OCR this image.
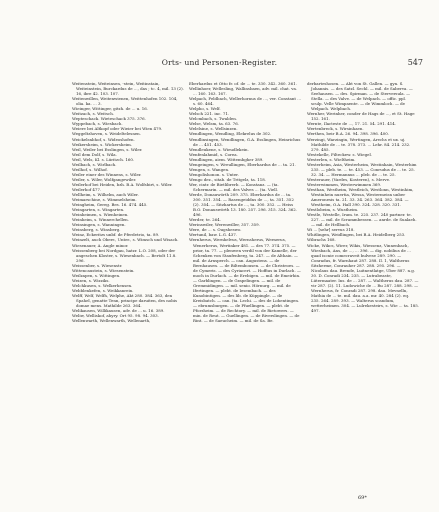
Orts- und Personen-Register.	547

Weitenstein, Weiteinsen, -stein, Weitinstain, Weiteinstein, Burckardus de ..., das ; tc. 4, mil. 13 (2). 16, ibre 42. 103. 107.

Weitenwillen, Weitenwienen, Weittenhofen 102. 104, olia. ka. ... 3.

Wieinger, Wittinger, gitzh. de ... u. 16.

Weitzach, s. Weitsch.

Wepteschack. Wieteschack 375. 376.

Wyppebach, s. Wiesbach.

Weiere bei Altkopf oder Wieier bei Wien 479.

Weggeltzhoven, s. Weideltelesnen.

Weickelsnbhof, s. Wideoshofen.

Weikersheim, s. Wickersheim.

Weil, Weiler bei Esslingen, s. Wiler.

Weil dem Dolf, s. Wila.

Weil, Wels, Kl. s. Lüritzch. 160.

Weilbach, s. Wirlbach.

Weilhof, s. Wilhof.

Weiler einer des Winnens, s. Wiler.

Weiler, s. Wiler, Wolfgangewiler.

Weilerhof bei Heiden, bzh. B.A. Wolfsbirt, s. Wiler.

Weilerhof 477.

Wellheim, s. Wilhelm, auch Wiler.

Weimarschine, s. Wimmelsheim.

Weingheim, Gereg. Bes. 16. 474. 445.

Weingarten, s. Wingarten.

Weinheimen, s. Wienheinen.

Weinheim, s. Winnerchellen.

Weinsingen, s. Wanningen.

Weinsberg, s. Winsberg.

Weinz, Eckeritzs unbf. de Pferdetrio, ta. 89.

Weinzelt, auch Oberr., Unter., s. Wimsch und Wisach.

Wiesenauer, A. Angle minor.

Weissenberg bei Nordgau, hatzr. L.O. 208, oder der angeschen Kloster, s. Wiesenbach. — Bertolt 11.8. 296.

Weissenber, s. Wiesenstr.

Wittencaustein, s. Wiesenstein.

Weilzapen, s. Wittingen.

Weizen, s. Wizziks.

Welchkusen, s. Welkerhensen.

Webblenkefen, s. Weikkanrein.

Welff, Welf, Welfh, Welphe, Akt 280. 384. 363, den Spahel, genatte Tenn, principe daruiten, des nobis domae mens. Mathilde 263. 364.

Welikausen, Willikausen, adv. de ... u. 16. 389.

Weliw, Welliskof, ahyry. Ort 95. 98. 94. 303.

Wellenwarth, Wellenwarth, Wellenarth,

Eberhardus et Otto fr. of. de ... te. 330. 342. 360. 361.

Wellinhoer, Wellesling, Wallinsbaen, adv. mil. chat. va. ... 160. 163. 167.

Welpach, Feldbach, Wellerhornus de ..., ver. Constant ... s. 60. 464.

Welpho, s. Welf.

Welsch 221. inc. 71.

Welcmbach, s. Twalden.

Welse, Welsm, ta. 63. 76.

Welelsine, s. Wellsinzen.

Wendlingen, Wendling, Elekrelus de 302.

Wendlinsingen, Wendlingen, G.A. Esslingen, Heinrichus de ... 451. 453.

Wendleukene, s. Wieudlekein.

Wenfenlahmid, s. Corea.

Wendlingen, aiem. Wittembgher 389.

Wengeingen, v. Wreullingen, Eberhardus de ... ta. 21.

Wengen, s. Wangen.

Wengolishonon. s. Unter.

Wengo dez., sitab. de Tritgelz, ta. 118.

Wer, cintr. de Bietlibrerb. — Konstanz. — (ta. Schermarin. — mil. des Valves ... (ta. Viell.

Werde, Donauwörth 209. 375. Eberhardus de ... ta. 300. 351. 354. — Rasengeiddns de ..., ta. 351. 352 (2). 354. — Sitzhartus de ..., ta. 300. 352. — Heiss B.O. Donauswörth 13. 180. 257. 296. 315. 324. 362. 496.

Werder, te. 264.

Werinswiler, Werenwiller, 357. 359.

Were, de ... s. Ougsheswo.

Wertunil, baw. L.G. 437.

Wernherus, Wernhelvus, Wernsherus, Wernerus, Wenerherus, Wertinker 481. — des 77. 374. 375. — prior, ta. 77. — plenwen verdil von der Kamelle, der Schenken von Staufenberg, ta. 247. — de Althain. — mil. de Arnsperch. — can. Augustens. — de Bernhausen. — de Biltembousen. — de Christeoes. — de Cymeris. — des Cyriacert. — Hoffius in Durlach. — moch in Durlach. — de Erebigen. — mil. de Emeirhin. — Garblingen. — de Grapelingen. — mil. de Gremmidingen. — mil. senio. Hörnurg. — mil. de Ifertingen. — plebt. de Iesembach. — des Kunobintigen. — des lib. de Küppingle. — de Kreisbatch. — can. (ta. Lechi. — des de Lohentingen. — ebrumsburgen. — de Pfuellingen. — plebt. de Pforzheim. — de Rechtory. — mil. de Rietowers. — min. de Reut. — Guellingen. — de Riverslingen. — de Rint. — de Saeucheim. — mil. de Sa. Be.

derbarteshosen. — Abt von St. Gallen. — gyn. S. Johannis. — des Satzl. Sechl. — mil. de Saberva. — Seehausen. — des. Spirman. — de Sterversula. — Stella. — des Valve. — de Welpach. — offic. ppl. sculp. Velle Wimpaente. — de Wimmloch. — de Welpach. Welpbach.

Wernher, Werinher, conder de Hags de ..., et St. Hage 152. 161.

Wernte, Ilacteste de ..., 17. 21. 54. 291. 414.

Wertenbreck, s. Wirsinhaen.

Werthen, beir B.A. 26. 94. 398. 396. 400.

Werzingi, Warzingin, Wertingen, Arechs et ux. uj. Mathilde de ... te. 378. 373. ... Lehr. 84. 214. 232. 279. 485.

Westekelle, Filteckew. s. Wiegel.

Westerlen, s. Wieltheim.

Westerheim, Asia, Westerheim, Westinhain, Westerhim 235. — pleb. te. ... te. 453. — Conrudus de ... te. 25. 32. 34. — Hermannus ... pleb. de ... te. 25.

Westerauer, (Vardes, Kosteren), s. Merve.

Westerwimmen, Westerwimmen 369.

Westhan, Westheim, Westleich, Westlonn, Westinhim, Westinhein nuertia, Wessa, Westermeisn unber Ameronesis ta. 21. 33. 34. 263. 364. 382. 384. — Westheim, O.A. Hall 390. 324. 328. 320. 331.

Westlobeim, s. Wustheim.

Westle, Westelle, Irum. te. 225. 237. 240 partner. te. 227. — mil. de Scrammbessen. — anrde. de Sualaeh. — mil. de Hellbach.

Wi ... [sehr] servus 318.

Whitlingen, Weidlingen, bei B.A. Heidelberg 253.

Wibrachs 168.

Wicke, Wikcs, Wirer, Wikis, Wiessenz, Vinnenbach, Wiesbach, Ans, de ..., ... 396. — dig. nobilius de ... quad iscnie comecraveit bulvese 289. 290. — Conradus, fr. Warnhaut 287. 288. Il. 1, Waltherus Sitzherme, Conrauher 287. 288. 295. 296. — Nicolaus dau. Brende, Luitnentlatge, Uber 887. n.g. 30. D. Conradi 234. 235. — Lutrabeaste, Lütermaater. Ins. de ... 287. — Waltherus dau. 287. — vir 287. (2). 11. Ludowiche de ... Ru 287. 288. 298. — Wernherus, fr. Conradi 287. 298. dau. Mevnelln, Mathia de ... te. mil. dau. a.a. mr. 40. 284 (2). eq. 235. 264. 289. 393. — Walterus scandum, wetterheimen. 304. — Lulrekesteirs, s. Wie ... ta. 185. 497.

69*
